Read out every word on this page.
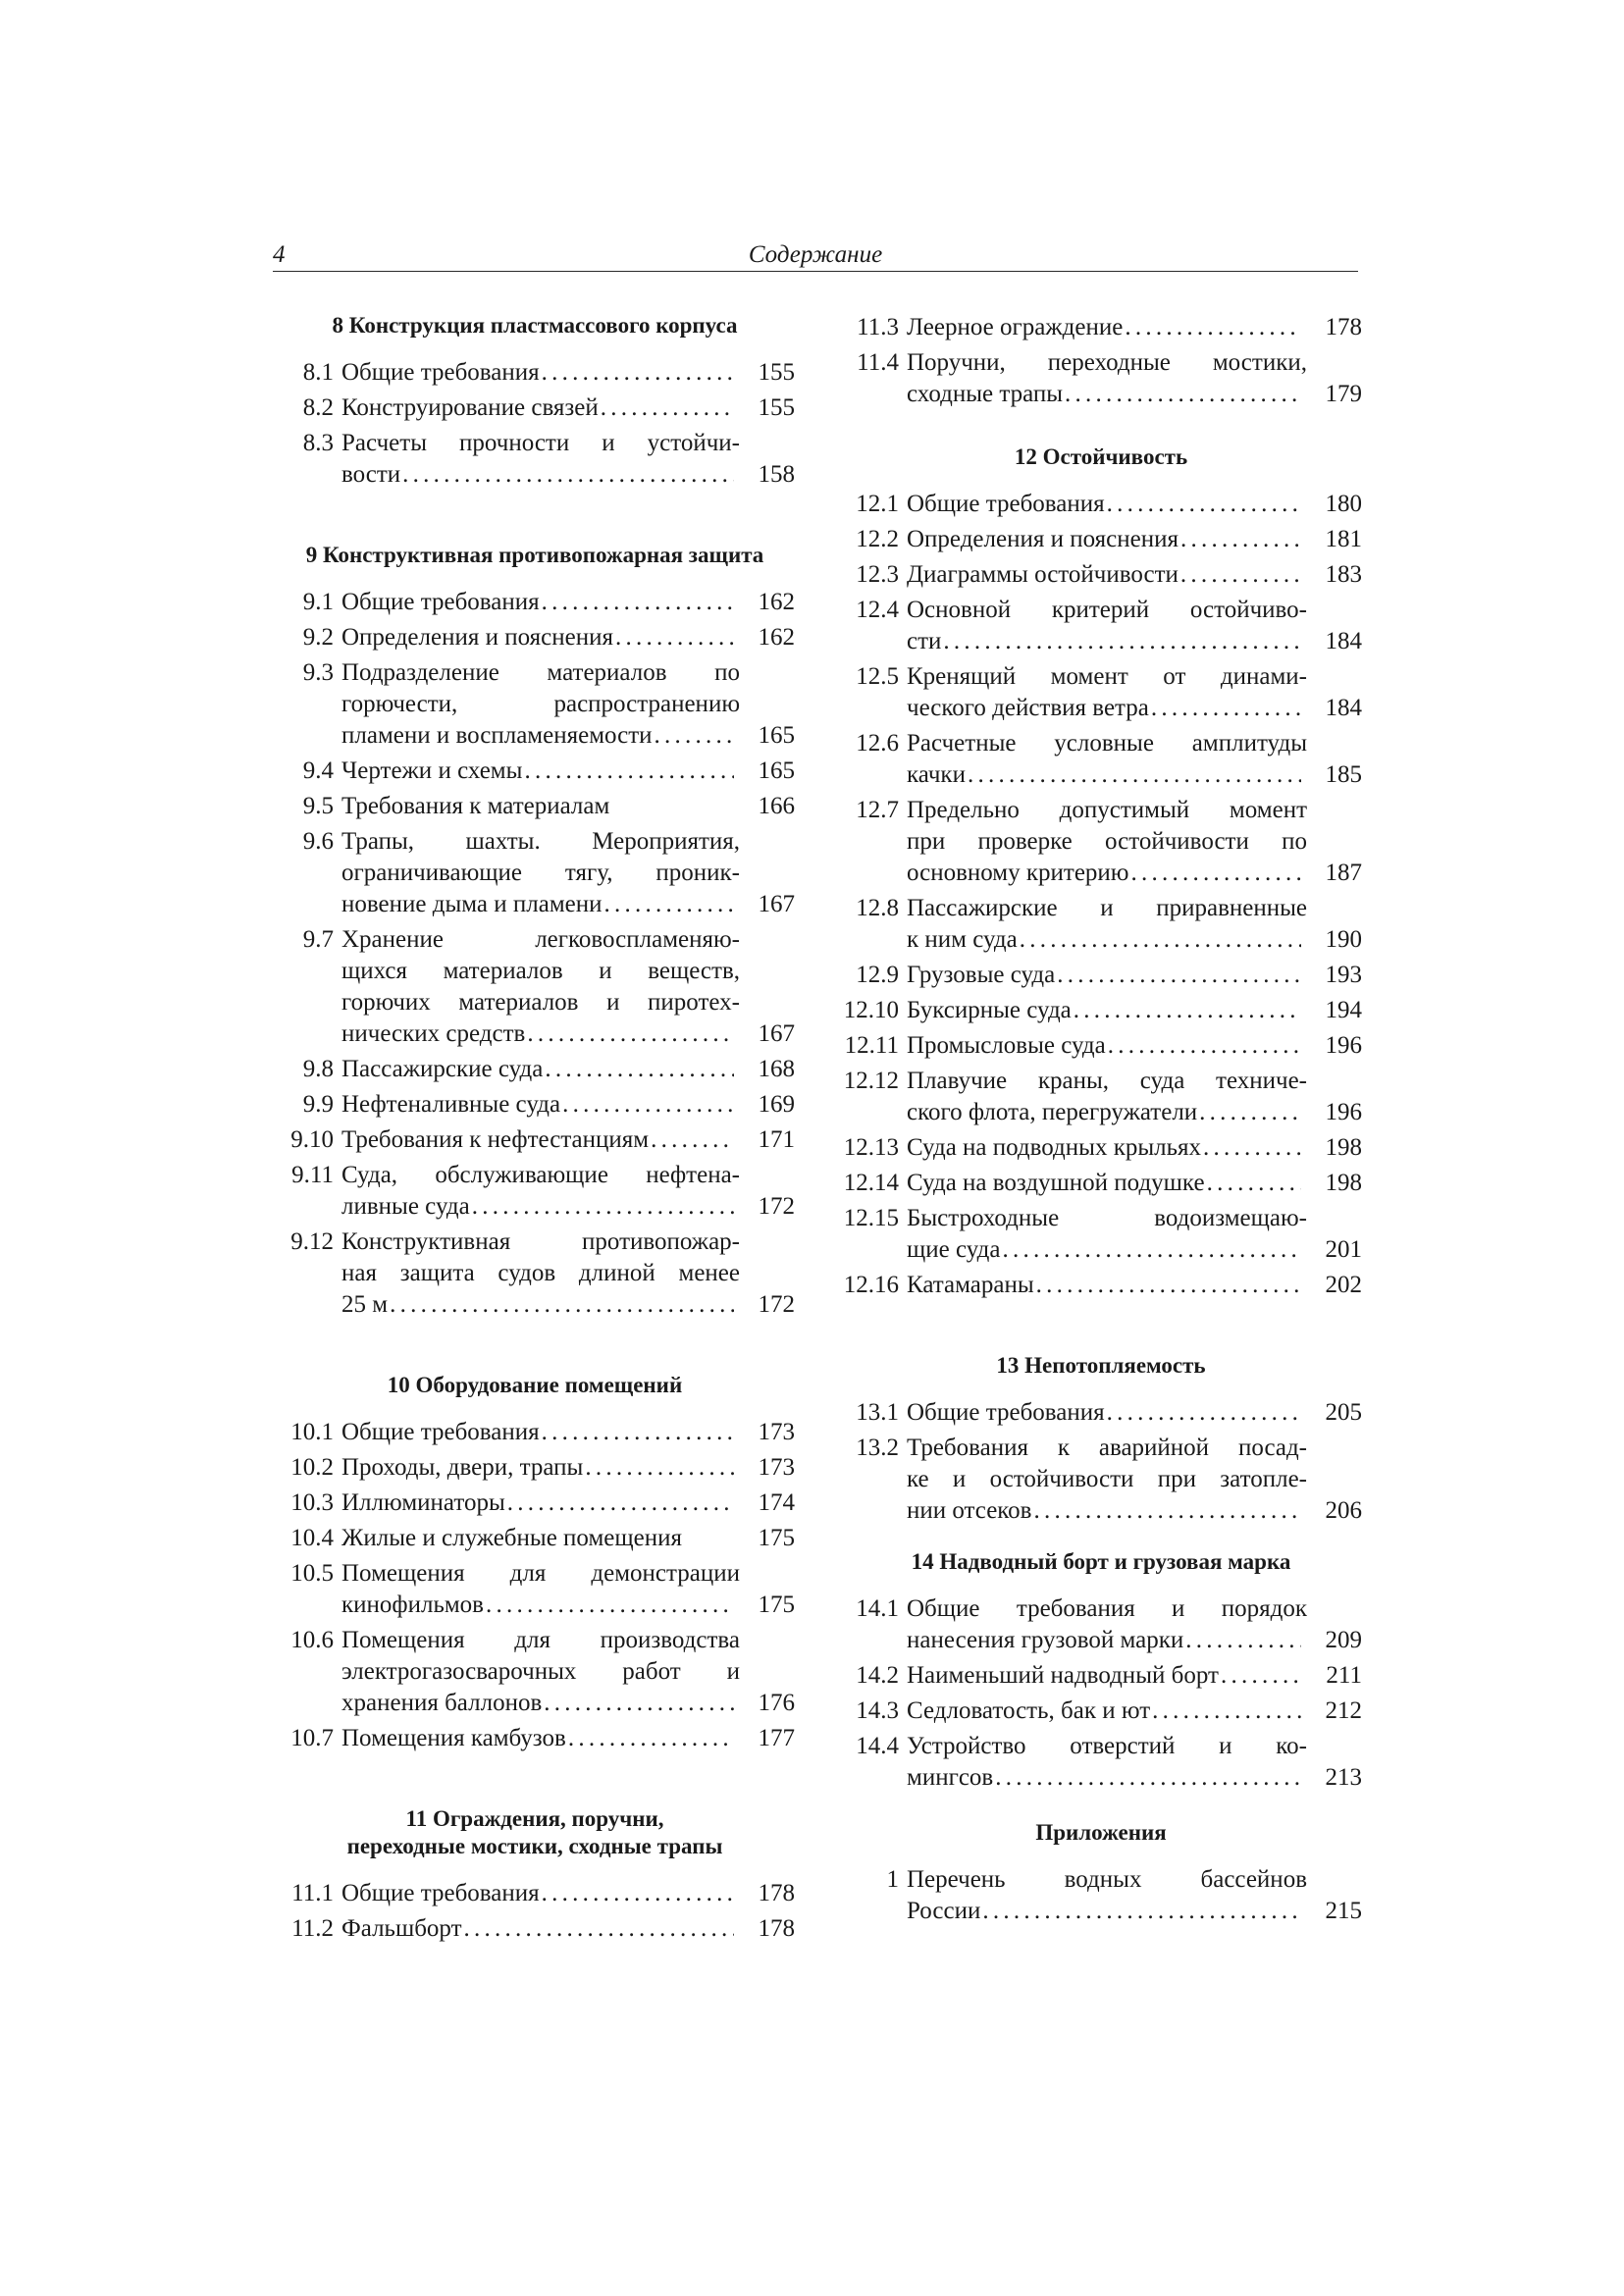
4	Содержание
8 Конструкция пластмассового корпуса
8.1 Общие требования . . .	155
8.2 Конструирование связей . . .	155
8.3 Расчеты прочности и устойчи-
вости . . .	158
9 Конструктивная противопожарная защита
9.1 Общие требования . . .	162
9.2 Определения и пояснения . . .	162
9.3 Подразделение материалов по
горючести, распространению
пламени и воспламеняемости . . .	165
9.4 Чертежи и схемы . . .	165
9.5 Требования к материалам	166
9.6 Трапы, шахты. Мероприятия,
ограничивающие тягу, проник-
новение дыма и пламени . . .	167
9.7 Хранение легковоспламеняю-
щихся материалов и веществ,
горючих материалов и пиротех-
нических средств . . .	167
9.8 Пассажирские суда . . .	168
9.9 Нефтеналивные суда . . .	169
9.10 Требования к нефтестанциям . . .	171
9.11 Суда, обслуживающие нефтена-
ливные суда . . .	172
9.12 Конструктивная противопожар-
ная защита судов длиной менее
25 м . . .	172
10 Оборудование помещений
10.1 Общие требования . . .	173
10.2 Проходы, двери, трапы . . .	173
10.3 Иллюминаторы . . .	174
10.4 Жилые и служебные помещения	175
10.5 Помещения для демонстрации
кинофильмов . . .	175
10.6 Помещения для производства
электрогазосварочных работ и
хранения баллонов . . .	176
10.7 Помещения камбузов . . .	177
11 Ограждения, поручни,
переходные мостики, сходные трапы
11.1 Общие требования . . .	178
11.2 Фальшборт . . .	178
11.3 Леерное ограждение . . .	178
11.4 Поручни, переходные мостики,
сходные трапы . . .	179
12 Остойчивость
12.1 Общие требования . . .	180
12.2 Определения и пояснения . . .	181
12.3 Диаграммы остойчивости . . .	183
12.4 Основной критерий остойчиво-
сти . . .	184
12.5 Кренящий момент от динами-
ческого действия ветра . . .	184
12.6 Расчетные условные амплитуды
качки . . .	185
12.7 Предельно допустимый момент
при проверке остойчивости по
основному критерию . . .	187
12.8 Пассажирские и приравненные
к ним суда . . .	190
12.9 Грузовые суда . . .	193
12.10 Буксирные суда . . .	194
12.11 Промысловые суда . . .	196
12.12 Плавучие краны, суда техниче-
ского флота, перегружатели . . .	196
12.13 Суда на подводных крыльях . . .	198
12.14 Суда на воздушной подушке . . .	198
12.15 Быстроходные водоизмещаю-
щие суда . . .	201
12.16 Катамараны . . .	202
13 Непотопляемость
13.1 Общие требования . . .	205
13.2 Требования к аварийной посад-
ке и остойчивости при затопле-
нии отсеков . . .	206
14 Надводный борт и грузовая марка
14.1 Общие требования и порядок
нанесения грузовой марки . . .	209
14.2 Наименьший надводный борт . . .	211
14.3 Седловатость, бак и ют . . .	212
14.4 Устройство отверстий и ко-
мингсов . . .	213
Приложения
1 Перечень водных бассейнов
России . . .	215
